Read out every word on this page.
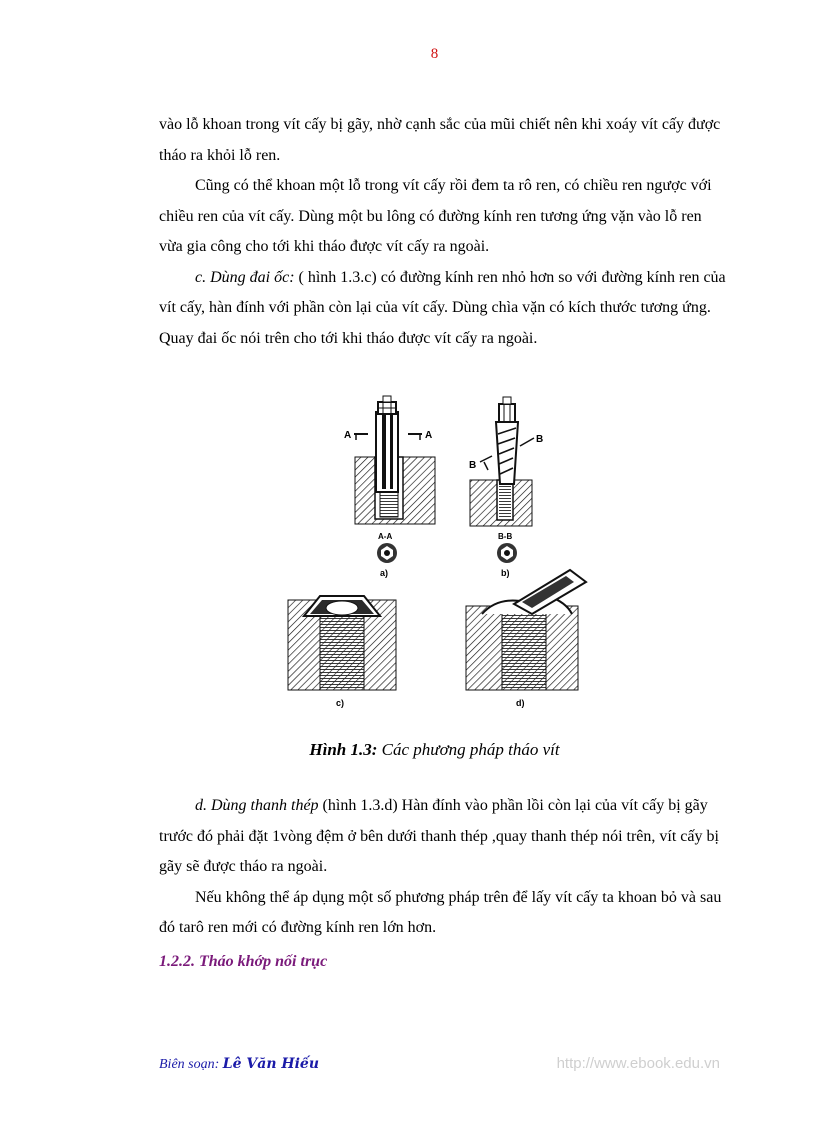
8

vào lỗ khoan trong vít cấy bị gãy, nhờ cạnh sắc của mũi chiết nên khi xoáy vít cấy được tháo ra khỏi lỗ ren.

Cũng có thể khoan một lỗ trong vít cấy rồi đem ta rô ren, có chiều ren ngược với chiều ren của vít cấy. Dùng một bu lông có đường kính ren tương ứng vặn vào lỗ ren vừa gia công cho tới khi tháo được vít cấy ra ngoài.

c. Dùng đai ốc: ( hình 1.3.c) có đường kính ren nhỏ hơn so với đường kính ren của vít cấy, hàn đính với phần còn lại của vít cấy. Dùng chìa vặn có kích thước tương ứng. Quay đai ốc nói trên cho tới khi tháo được vít cấy ra ngoài.

A	A
A-A
a)
B
B
B-B
b)
c)	d)
Hình 1.3: Các phương pháp tháo vít

d. Dùng thanh thép (hình 1.3.d) Hàn đính vào phần lồi còn lại của vít cấy bị gãy trước đó phải đặt 1vòng đệm ở bên dưới thanh thép ,quay thanh thép nói trên, vít cấy bị gãy sẽ được tháo ra ngoài.

Nếu không thể áp dụng một số phương pháp trên để lấy vít cấy ta khoan bỏ và sau đó tarô ren mới có đường kính ren lớn hơn.

1.2.2. Tháo khớp nối trục
Biên soạn: Lê Văn Hiếu	http://www.ebook.edu.vn
